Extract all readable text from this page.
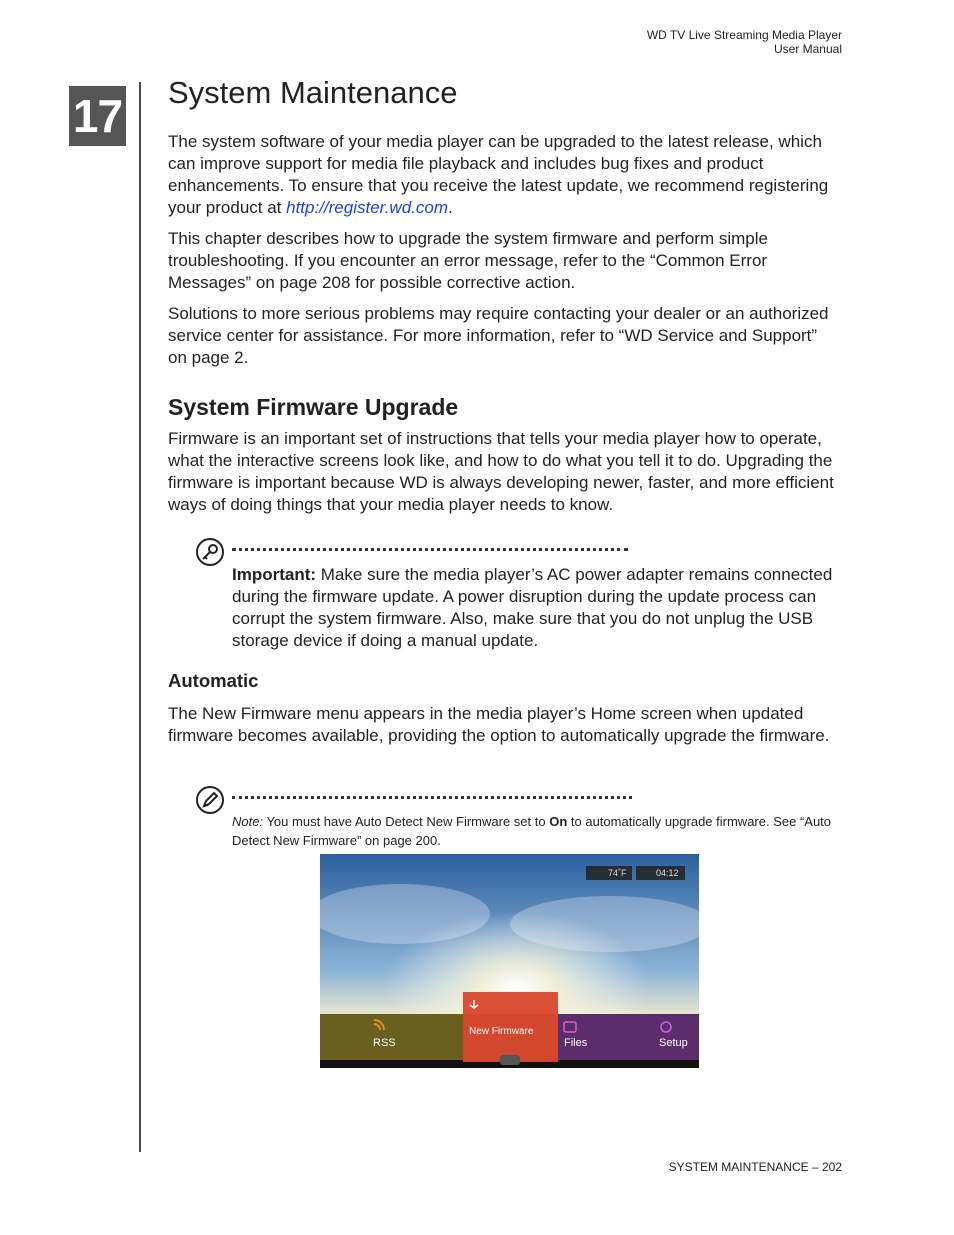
WD TV Live Streaming Media Player
User Manual
17 System Maintenance

The system software of your media player can be upgraded to the latest release, which can improve support for media file playback and includes bug fixes and product enhancements. To ensure that you receive the latest update, we recommend registering your product at http://register.wd.com.

This chapter describes how to upgrade the system firmware and perform simple troubleshooting. If you encounter an error message, refer to the “Common Error Messages” on page 208 for possible corrective action.

Solutions to more serious problems may require contacting your dealer or an authorized service center for assistance. For more information, refer to “WD Service and Support” on page 2.

System Firmware Upgrade

Firmware is an important set of instructions that tells your media player how to operate, what the interactive screens look like, and how to do what you tell it to do. Upgrading the firmware is important because WD is always developing newer, faster, and more efficient ways of doing things that your media player needs to know.

Important: Make sure the media player’s AC power adapter remains connected during the firmware update. A power disruption during the update process can corrupt the system firmware. Also, make sure that you do not unplug the USB storage device if doing a manual update.

Automatic

The New Firmware menu appears in the media player’s Home screen when updated firmware becomes available, providing the option to automatically upgrade the firmware.

Note: You must have Auto Detect New Firmware set to On to automatically upgrade firmware. See “Auto Detect New Firmware” on page 200.

74˚F	04:12
RSS
New Firmware
Files	Setup
SYSTEM MAINTENANCE – 202
